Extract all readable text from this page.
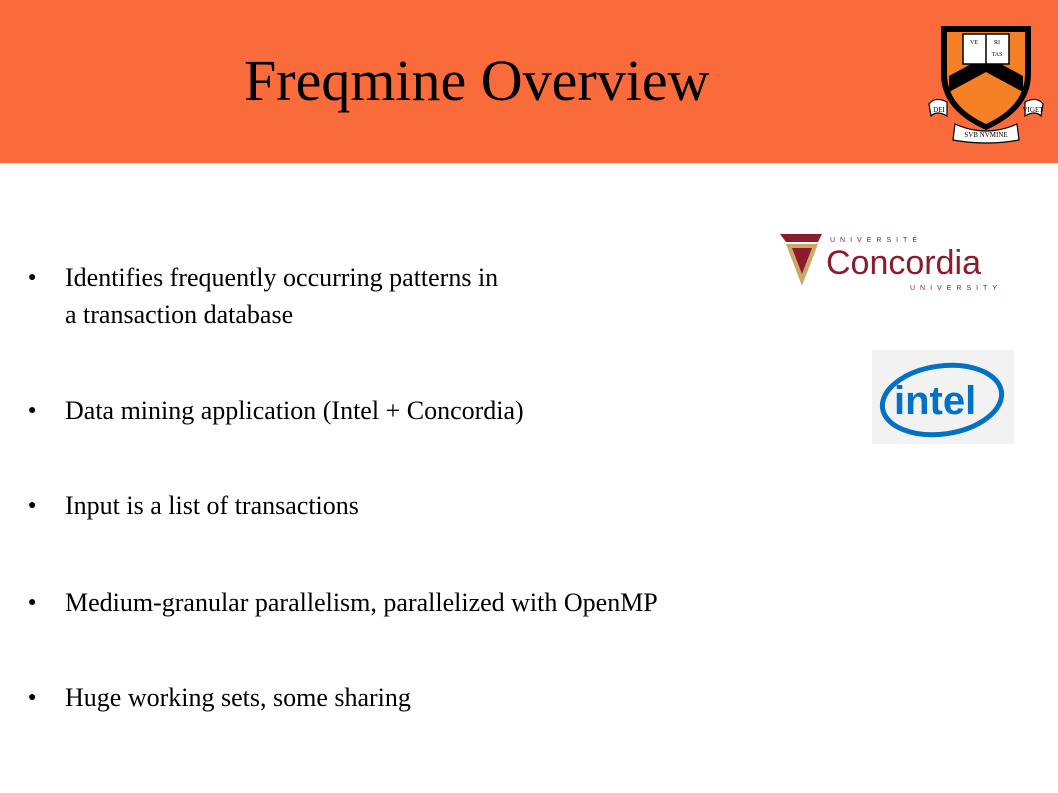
Freqmine Overview
VE	RI
TAS
DEI
SVB NVMINE
VIGET
UNIVERSITÉ
Concordia
UNIVERSITY
intel
● Identifies frequently occurring patterns in
a transaction database
● Data mining application (Intel + Concordia)
● Input is a list of transactions
● Medium-granular parallelism, parallelized with OpenMP
● Huge working sets, some sharing
